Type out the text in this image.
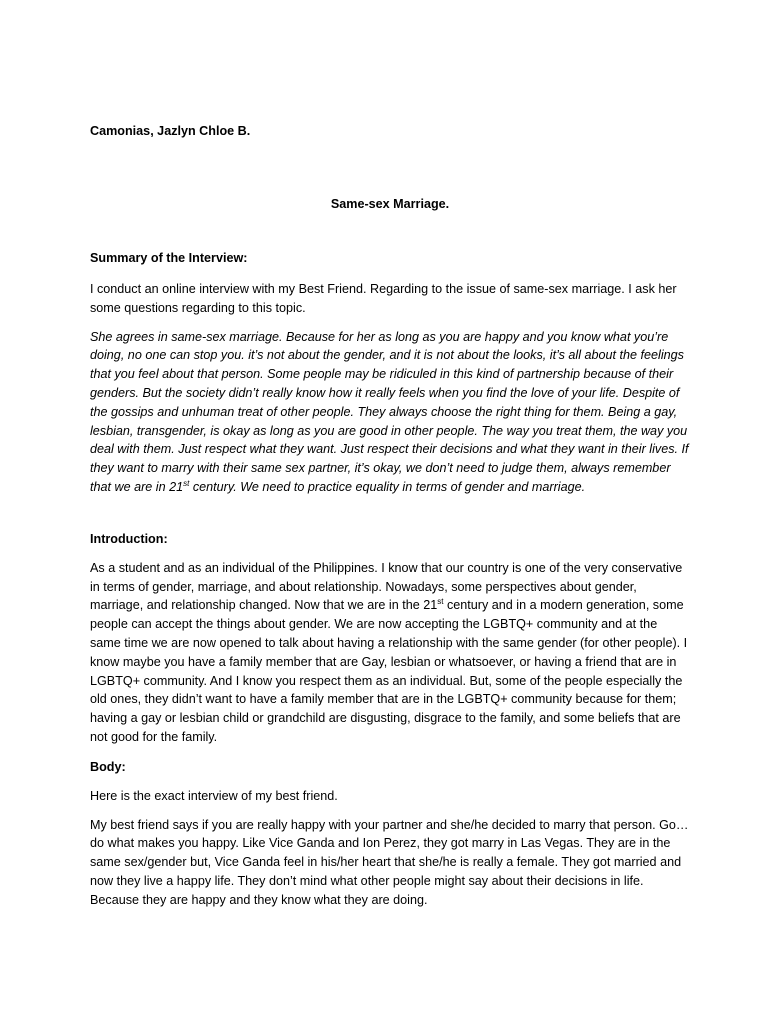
Camonias, Jazlyn Chloe B.

Same-sex Marriage.

Summary of the Interview:

I conduct an online interview with my Best Friend. Regarding to the issue of same-sex marriage. I ask her some questions regarding to this topic.

She agrees in same-sex marriage. Because for her as long as you are happy and you know what you’re doing, no one can stop you. it’s not about the gender, and it is not about the looks, it’s all about the feelings that you feel about that person. Some people may be ridiculed in this kind of partnership because of their genders. But the society didn’t really know how it really feels when you find the love of your life. Despite of the gossips and unhuman treat of other people. They always choose the right thing for them. Being a gay, lesbian, transgender, is okay as long as you are good in other people. The way you treat them, the way you deal with them. Just respect what they want. Just respect their decisions and what they want in their lives. If they want to marry with their same sex partner, it’s okay, we don’t need to judge them, always remember that we are in 21st century. We need to practice equality in terms of gender and marriage.

Introduction:

As a student and as an individual of the Philippines. I know that our country is one of the very conservative in terms of gender, marriage, and about relationship. Nowadays, some perspectives about gender, marriage, and relationship changed. Now that we are in the 21st century and in a modern generation, some people can accept the things about gender. We are now accepting the LGBTQ+ community and at the same time we are now opened to talk about having a relationship with the same gender (for other people). I know maybe you have a family member that are Gay, lesbian or whatsoever, or having a friend that are in LGBTQ+ community. And I know you respect them as an individual. But, some of the people especially the old ones, they didn’t want to have a family member that are in the LGBTQ+ community because for them; having a gay or lesbian child or grandchild are disgusting, disgrace to the family, and some beliefs that are not good for the family.

Body:

Here is the exact interview of my best friend.

My best friend says if you are really happy with your partner and she/he decided to marry that person. Go… do what makes you happy. Like Vice Ganda and Ion Perez, they got marry in Las Vegas. They are in the same sex/gender but, Vice Ganda feel in his/her heart that she/he is really a female. They got married and now they live a happy life. They don’t mind what other people might say about their decisions in life. Because they are happy and they know what they are doing.
